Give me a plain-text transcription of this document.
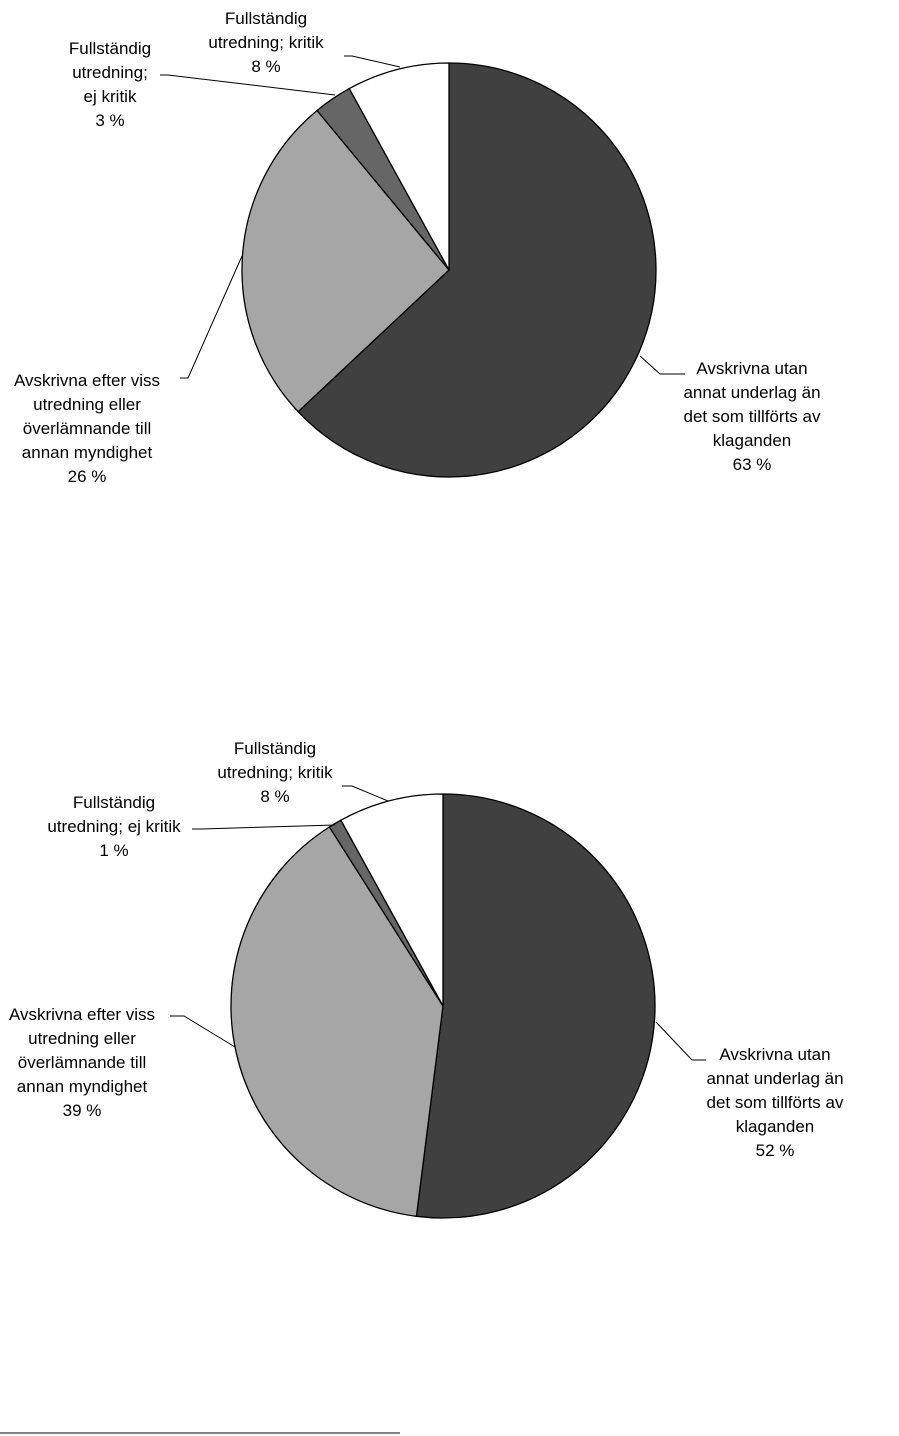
Avskrivna utan annat underlag än det som tillförts av klaganden 63 %
Avskrivna efter viss utredning eller överlämnande till annan myndighet 26 %
Fullständig utredning; ej kritik 3 %
Fullständig utredning; kritik 8 %
Avskrivna utan annat underlag än det som tillförts av klaganden 52 %
Avskrivna efter viss utredning eller överlämnande till annan myndighet 39 %
Fullständig utredning; ej kritik 1 %
Fullständig utredning; kritik 8 %
